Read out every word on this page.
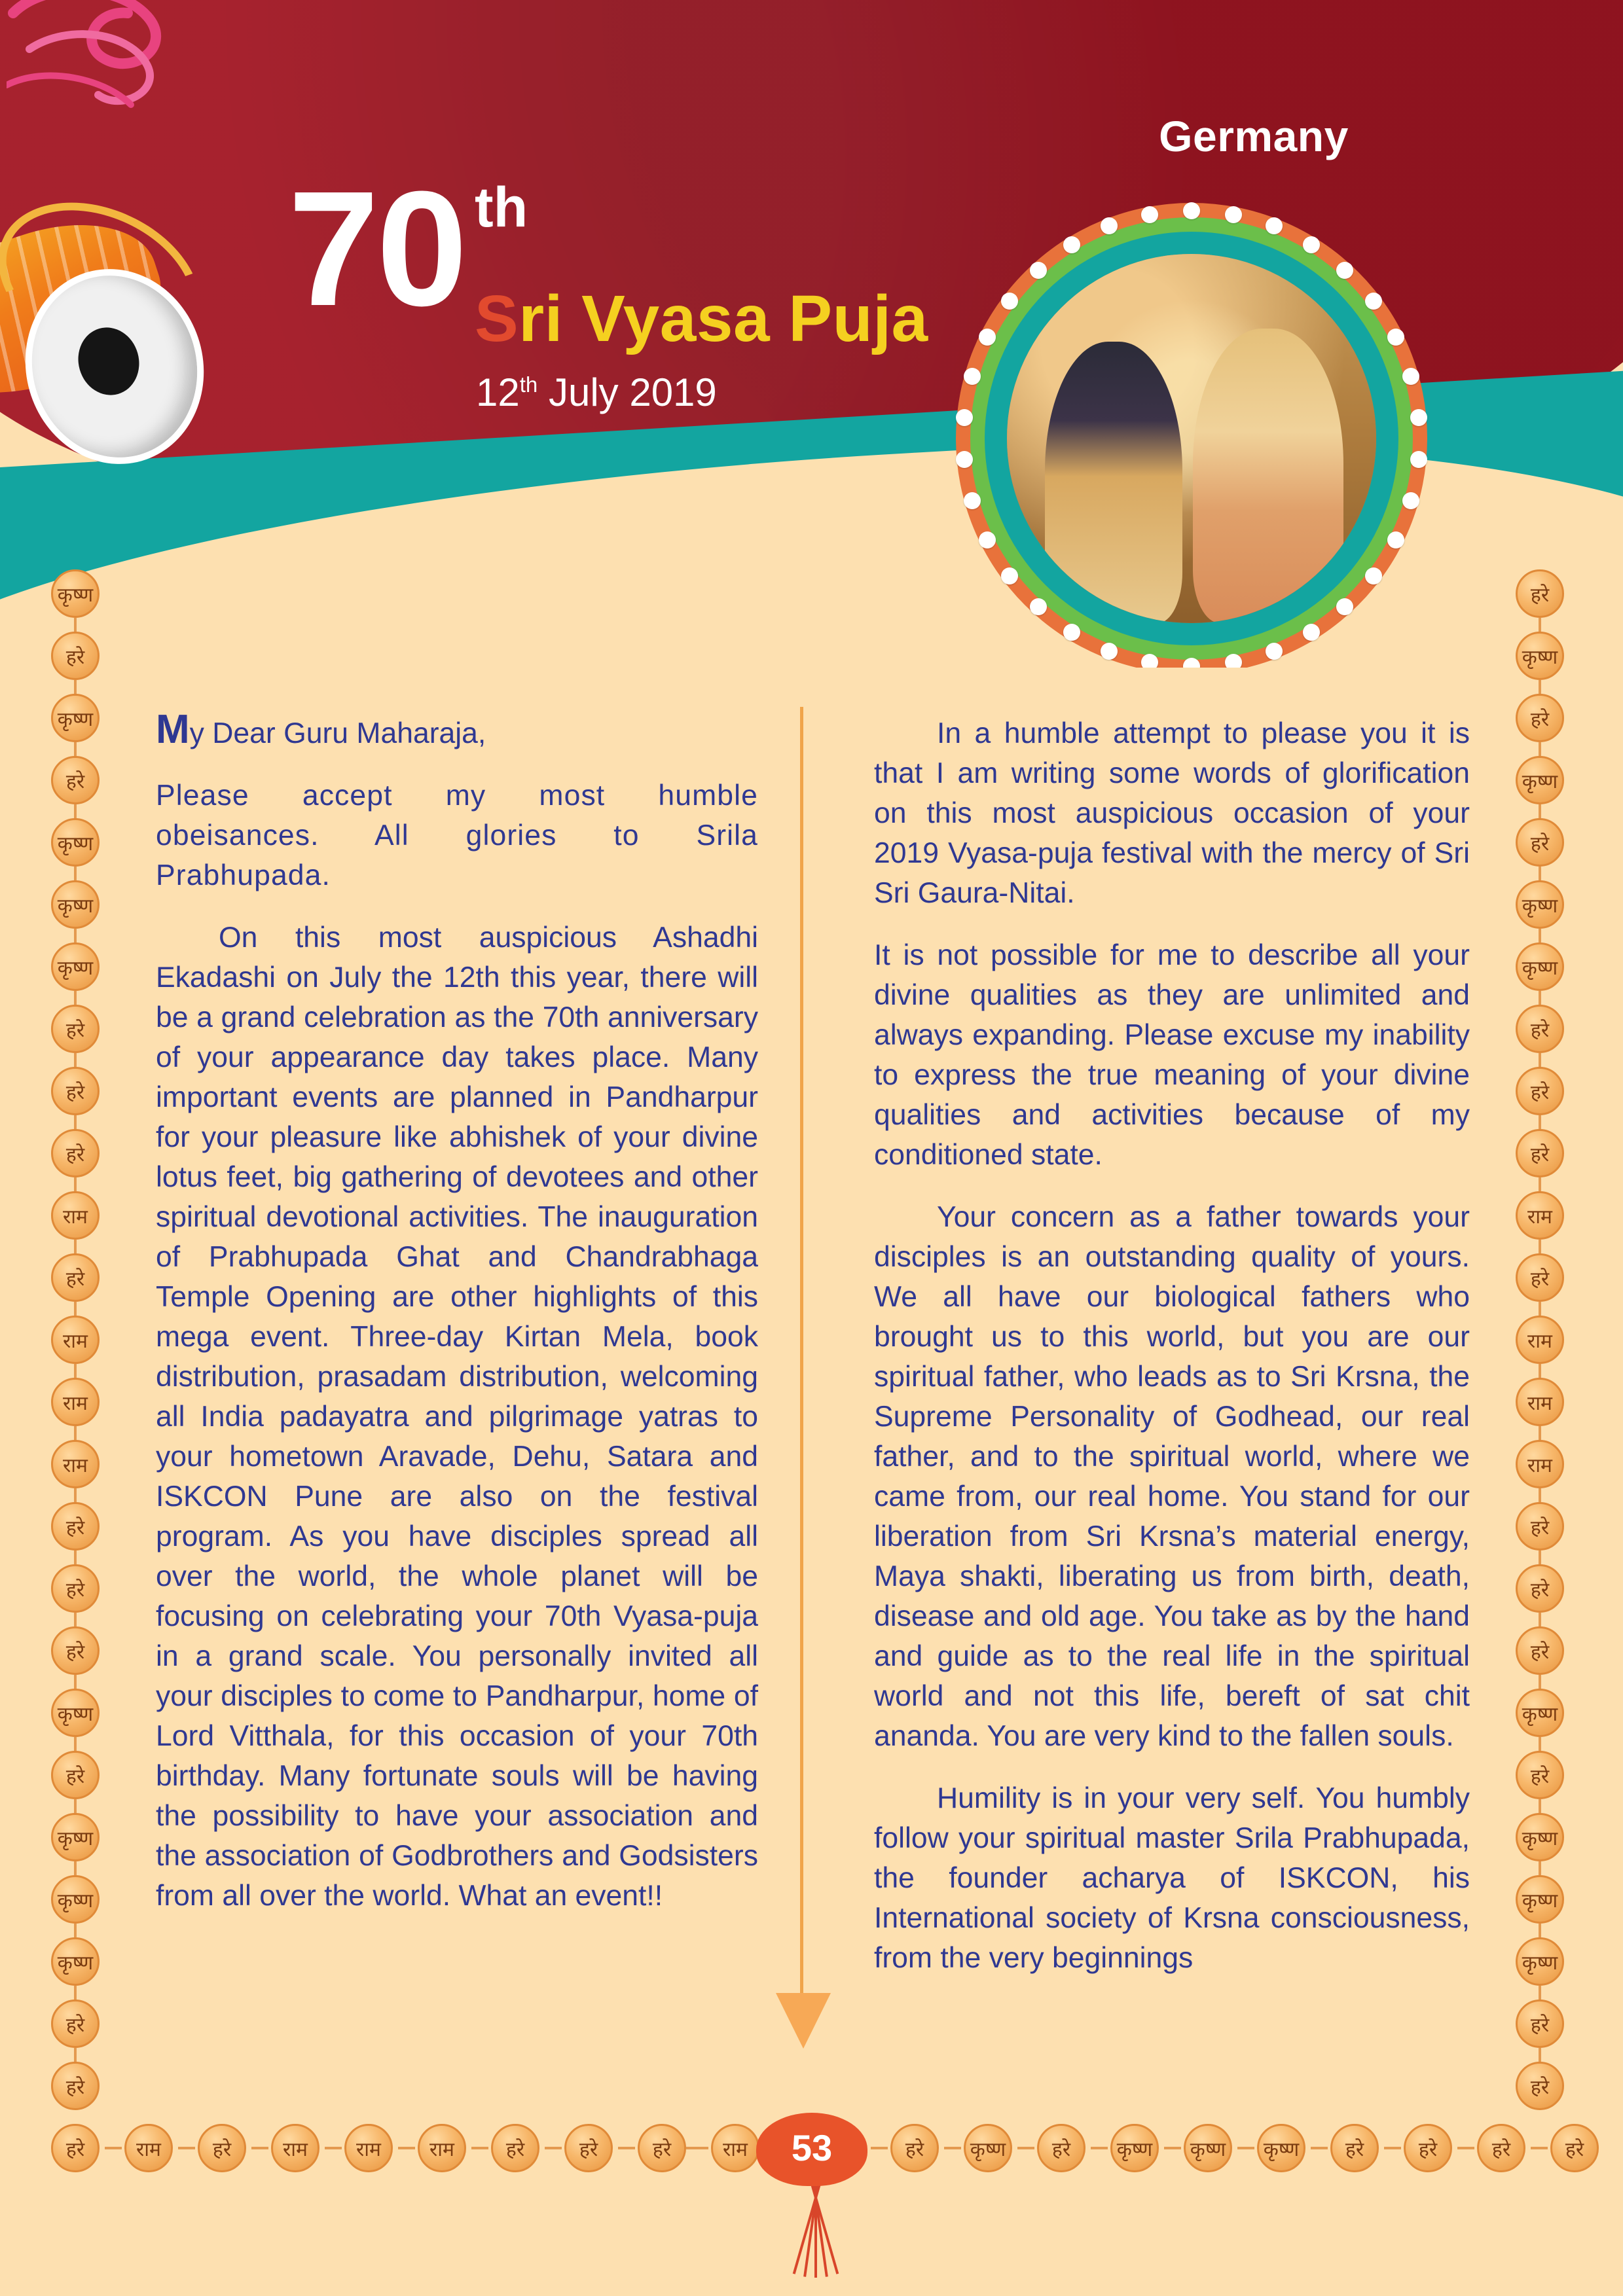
Germany
70 th
Sri Vyasa Puja
12th July 2019

My Dear Guru Maharaja,

Please accept my most humble obeisances. All glories to Srila Prabhupada.

On this most auspicious Ashadhi Ekadashi on July the 12th this year, there will be a grand celebration as the 70th anniversary of your appearance day takes place. Many important events are planned in Pandharpur for your pleasure like abhishek of your divine lotus feet, big gathering of devotees and other spiritual devotional activities. The inauguration of Prabhupada Ghat and Chandrabhaga Temple Opening are other highlights of this mega event. Three-day Kirtan Mela, book distribution, prasadam distribution, welcoming all India padayatra and pilgrimage yatras to your hometown Aravade, Dehu, Satara and ISKCON Pune are also on the festival program. As you have disciples spread all over the world, the whole planet will be focusing on celebrating your 70th Vyasa-puja in a grand scale. You personally invited all your disciples to come to Pandharpur, home of Lord Vitthala, for this occasion of your 70th birthday. Many fortunate souls will be having the possibility to have your association and the association of Godbrothers and Godsisters from all over the world. What an event!!

In a humble attempt to please you it is that I am writing some words of glorification on this most auspicious occasion of your 2019 Vyasa-puja festival with the mercy of Sri Sri Gaura-Nitai.

It is not possible for me to describe all your divine qualities as they are unlimited and always expanding. Please excuse my inability to express the true meaning of your divine qualities and activities because of my conditioned state.

Your concern as a father towards your disciples is an outstanding quality of yours. We all have our biological fathers who brought us to this world, but you are our spiritual father, who leads as to Sri Krsna, the Supreme Personality of Godhead, our real father, and to the spiritual world, where we came from, our real home. You stand for our liberation from Sri Krsna’s material energy, Maya shakti, liberating us from birth, death, disease and old age. You take as by the hand and guide as to the real life in the spiritual world and not this life, bereft of sat chit ananda. You are very kind to the fallen souls.

Humility is in your very self. You humbly follow your spiritual master Srila Prabhupada, the founder acharya of ISKCON, his International society of Krsna consciousness, from the very beginnings

कृष्ण
हरे
कृष्ण
हरे
कृष्ण
कृष्ण
कृष्ण
हरे
हरे
हरे
राम
हरे
राम
राम
राम
हरे
हरे
हरे
कृष्ण
हरे
कृष्ण
कृष्ण
कृष्ण
हरे
हरे
हरे
कृष्ण
हरे
कृष्ण
हरे
कृष्ण
कृष्ण
हरे
हरे
हरे
राम
हरे
राम
राम
राम
हरे
हरे
हरे
कृष्ण
हरे
कृष्ण
कृष्ण
कृष्ण
हरे
हरे
हरे	राम	हरे	राम	राम	राम	हरे	हरे	हरे	राम	हरे	कृष्ण	हरे	कृष्ण	कृष्ण	कृष्ण	हरे	हरे	हरे	हरे
53
